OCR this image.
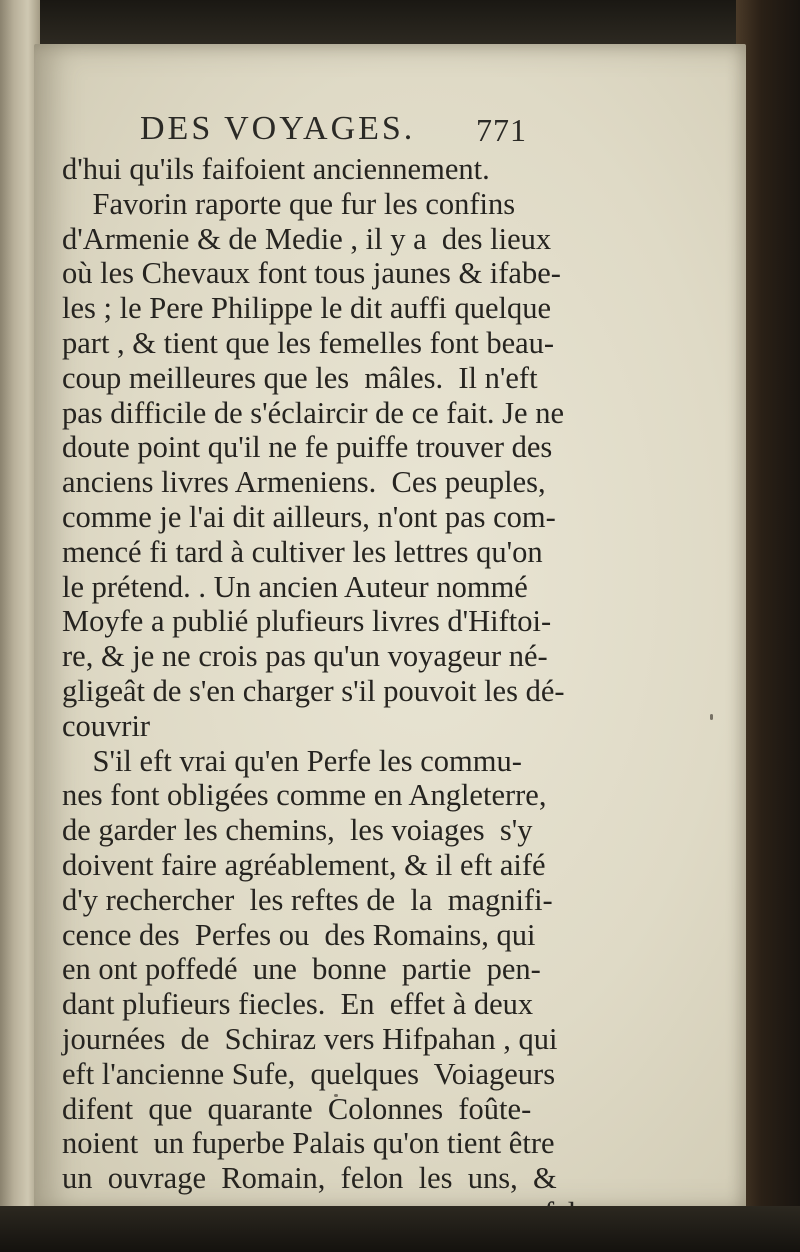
DES VOYAGES. 771
d'hui qu'ils faifoient anciennement.
Favorin raporte que fur les confins
d'Armenie & de Medie , il y a  des lieux
où les Chevaux font tous jaunes & ifabe-
les ; le Pere Philippe le dit auffi quelque
part , & tient que les femelles font beau-
coup meilleures que les  mâles.  Il n'eft
pas difficile de s'éclaircir de ce fait. Je ne
doute point qu'il ne fe puiffe trouver des
anciens livres Armeniens.  Ces peuples,
comme je l'ai dit ailleurs, n'ont pas com-
mencé fi tard à cultiver les lettres qu'on
le prétend. . Un ancien Auteur nommé
Moyfe a publié plufieurs livres d'Hiftoi-
re, & je ne crois pas qu'un voyageur né-
gligeât de s'en charger s'il pouvoit les dé-
couvrir
S'il eft vrai qu'en Perfe les commu-
nes font obligées comme en Angleterre,
de garder les chemins,  les voiages  s'y
doivent faire agréablement, & il eft aifé
d'y rechercher  les reftes de  la  magnifi-
cence des  Perfes ou  des Romains, qui
en ont poffedé  une  bonne  partie  pen-
dant plufieurs fiecles.  En  effet à deux
journées  de  Schiraz vers Hifpahan , qui
eft l'ancienne Sufe,  quelques  Voiageurs
difent  que  quarante  Colonnes  foûte-
noient  un fuperbe Palais qu'on tient être
un  ouvrage  Romain,  felon  les  uns,  &
